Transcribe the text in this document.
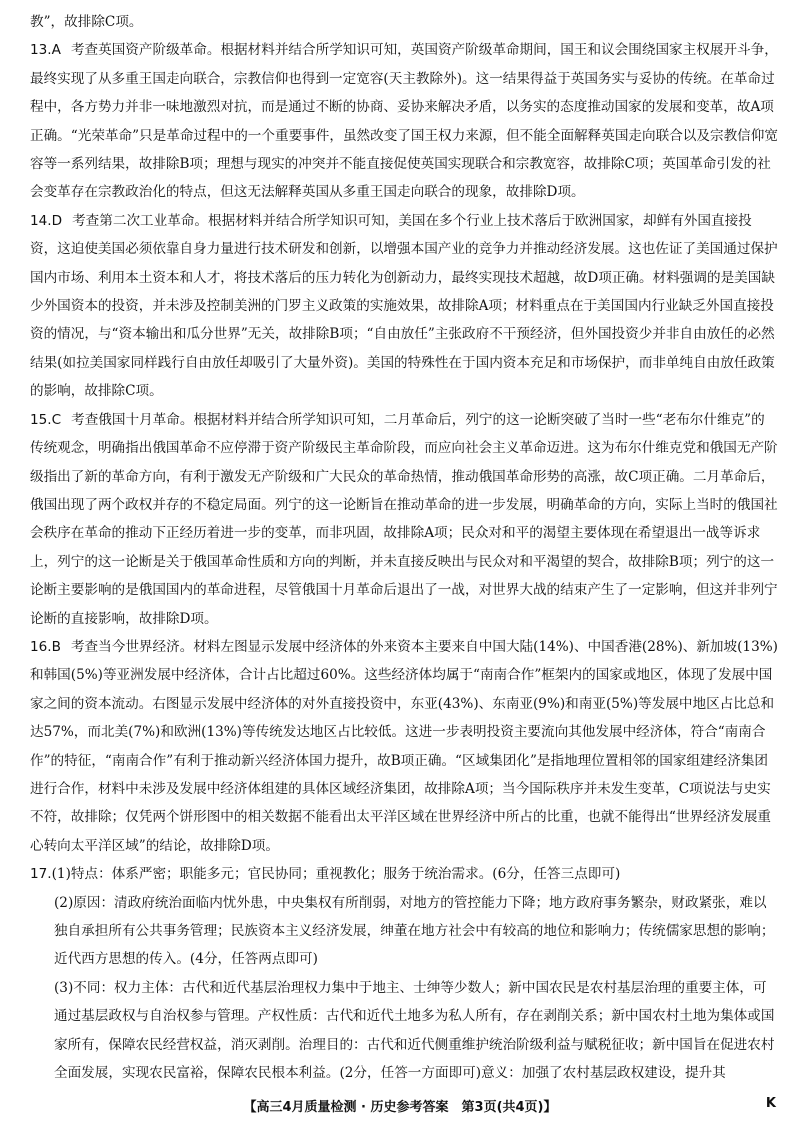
教”，故排除C项。

13.A 考查英国资产阶级革命。根据材料并结合所学知识可知，英国资产阶级革命期间，国王和议会围绕国家主权展开斗争，最终实现了从多重王国走向联合，宗教信仰也得到一定宽容(天主教除外)。这一结果得益于英国务实与妥协的传统。在革命过程中，各方势力并非一味地激烈对抗，而是通过不断的协商、妥协来解决矛盾，以务实的态度推动国家的发展和变革，故A项正确。“光荣革命”只是革命过程中的一个重要事件，虽然改变了国王权力来源，但不能全面解释英国走向联合以及宗教信仰宽容等一系列结果，故排除B项；理想与现实的冲突并不能直接促使英国实现联合和宗教宽容，故排除C项；英国革命引发的社会变革存在宗教政治化的特点，但这无法解释英国从多重王国走向联合的现象，故排除D项。

14.D 考查第二次工业革命。根据材料并结合所学知识可知，美国在多个行业上技术落后于欧洲国家，却鲜有外国直接投资，这迫使美国必须依靠自身力量进行技术研发和创新，以增强本国产业的竞争力并推动经济发展。这也佐证了美国通过保护国内市场、利用本土资本和人才，将技术落后的压力转化为创新动力，最终实现技术超越，故D项正确。材料强调的是美国缺少外国资本的投资，并未涉及控制美洲的门罗主义政策的实施效果，故排除A项；材料重点在于美国国内行业缺乏外国直接投资的情况，与“资本输出和瓜分世界”无关，故排除B项；“自由放任”主张政府不干预经济，但外国投资少并非自由放任的必然结果(如拉美国家同样践行自由放任却吸引了大量外资)。美国的特殊性在于国内资本充足和市场保护，而非单纯自由放任政策的影响，故排除C项。

15.C 考查俄国十月革命。根据材料并结合所学知识可知，二月革命后，列宁的这一论断突破了当时一些“老布尔什维克”的传统观念，明确指出俄国革命不应停滞于资产阶级民主革命阶段，而应向社会主义革命迈进。这为布尔什维克党和俄国无产阶级指出了新的革命方向，有利于激发无产阶级和广大民众的革命热情，推动俄国革命形势的高涨，故C项正确。二月革命后，俄国出现了两个政权并存的不稳定局面。列宁的这一论断旨在推动革命的进一步发展，明确革命的方向，实际上当时的俄国社会秩序在革命的推动下正经历着进一步的变革，而非巩固，故排除A项；民众对和平的渴望主要体现在希望退出一战等诉求上，列宁的这一论断是关于俄国革命性质和方向的判断，并未直接反映出与民众对和平渴望的契合，故排除B项；列宁的这一论断主要影响的是俄国国内的革命进程，尽管俄国十月革命后退出了一战，对世界大战的结束产生了一定影响，但这并非列宁论断的直接影响，故排除D项。

16.B 考查当今世界经济。材料左图显示发展中经济体的外来资本主要来自中国大陆(14%)、中国香港(28%)、新加坡(13%)和韩国(5%)等亚洲发展中经济体，合计占比超过60%。这些经济体均属于“南南合作”框架内的国家或地区，体现了发展中国家之间的资本流动。右图显示发展中经济体的对外直接投资中，东亚(43%)、东南亚(9%)和南亚(5%)等发展中地区占比总和达57%，而北美(7%)和欧洲(13%)等传统发达地区占比较低。这进一步表明投资主要流向其他发展中经济体，符合“南南合作”的特征，“南南合作”有利于推动新兴经济体国力提升，故B项正确。“区域集团化”是指地理位置相邻的国家组建经济集团进行合作，材料中未涉及发展中经济体组建的具体区域经济集团，故排除A项；当今国际秩序并未发生变革，C项说法与史实不符，故排除；仅凭两个饼形图中的相关数据不能看出太平洋区域在世界经济中所占的比重，也就不能得出“世界经济发展重心转向太平洋区域”的结论，故排除D项。

17.(1)特点：体系严密；职能多元；官民协同；重视教化；服务于统治需求。(6分，任答三点即可)

(2)原因：清政府统治面临内忧外患，中央集权有所削弱，对地方的管控能力下降；地方政府事务繁杂，财政紧张，难以独自承担所有公共事务管理；民族资本主义经济发展，绅董在地方社会中有较高的地位和影响力；传统儒家思想的影响；近代西方思想的传入。(4分，任答两点即可)

(3)不同：权力主体：古代和近代基层治理权力集中于地主、士绅等少数人；新中国农民是农村基层治理的重要主体，可通过基层政权与自治权参与管理。产权性质：古代和近代土地多为私人所有，存在剥削关系；新中国农村土地为集体或国家所有，保障农民经营权益，消灭剥削。治理目的：古代和近代侧重维护统治阶级利益与赋税征收；新中国旨在促进农村全面发展，实现农民富裕，保障农民根本利益。(2分，任答一方面即可)意义：加强了农村基层政权建设，提升其

【高三4月质量检测 · 历史参考答案　第3页(共4页)】	K
